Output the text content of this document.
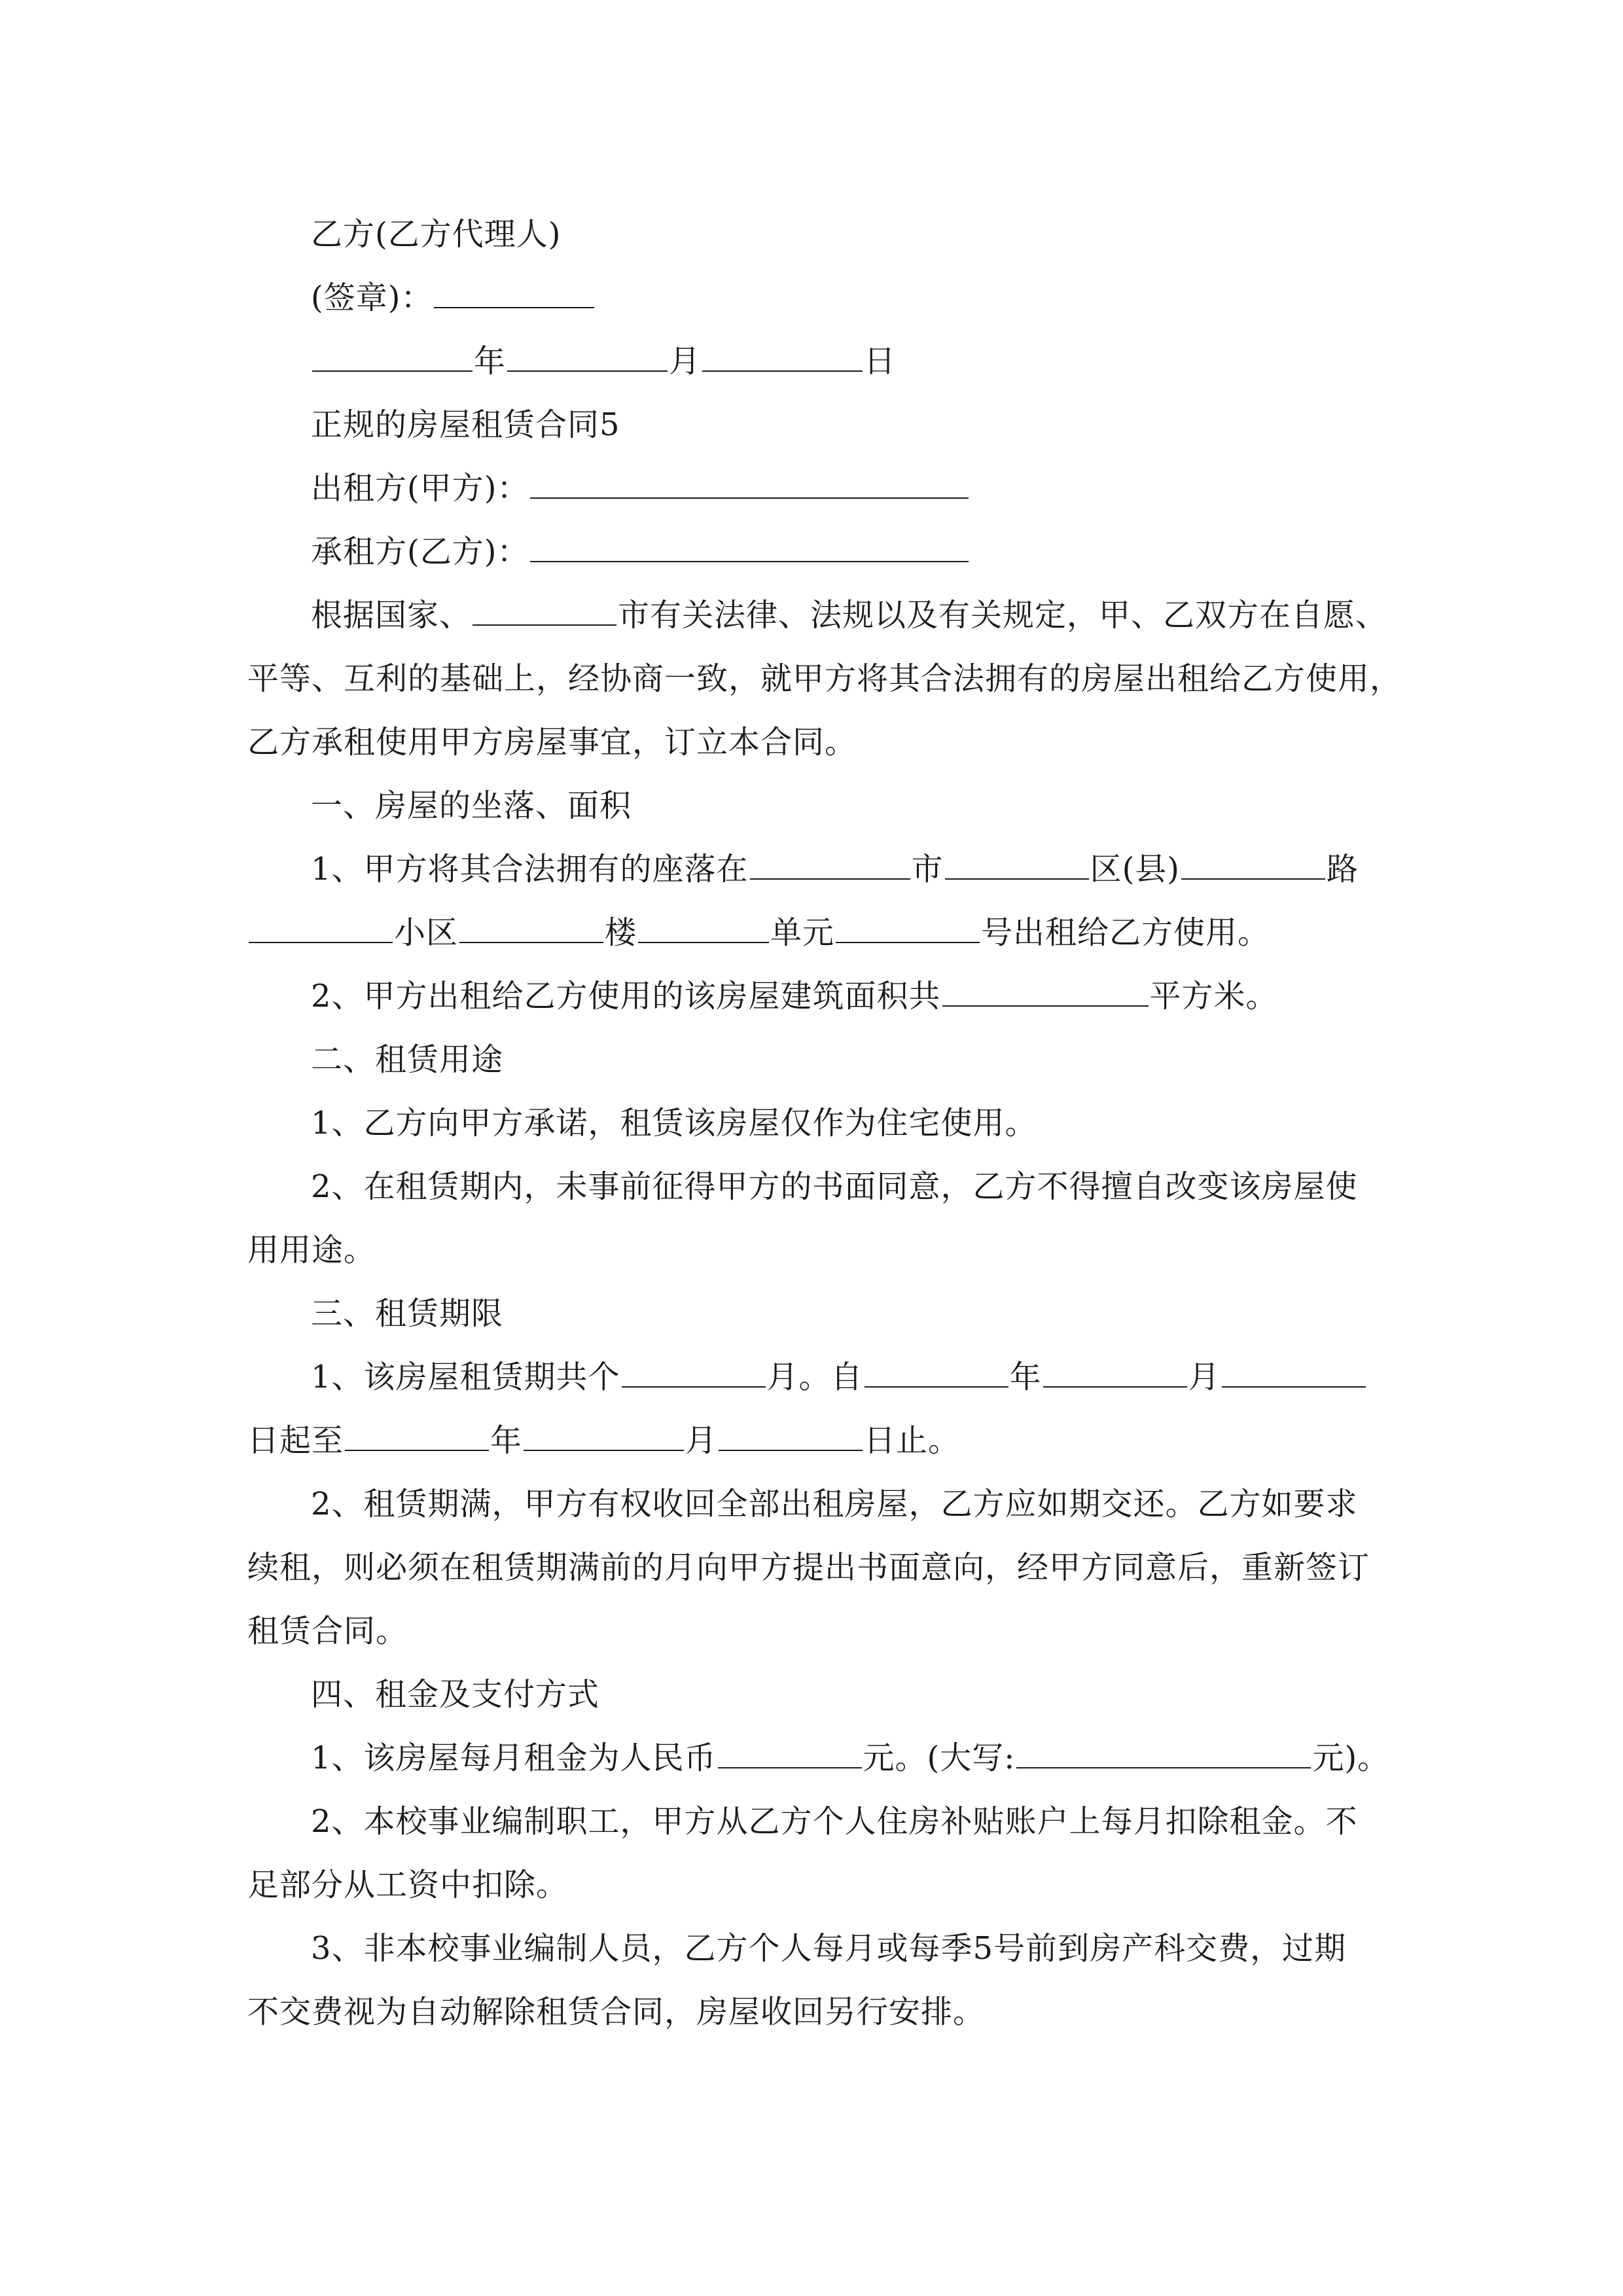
乙方(乙方代理人)
(签章)：
年	月	日
正规的房屋租赁合同5
出租方(甲方)：
承租方(乙方)：
根据国家、	市有关法律、法规以及有关规定，甲、乙双方在自愿、
平等、互利的基础上，经协商一致，就甲方将其合法拥有的房屋出租给乙方使用，
乙方承租使用甲方房屋事宜，订立本合同。
一、房屋的坐落、面积
1、甲方将其合法拥有的座落在	市	区(县)	路
小区	楼	单元	号出租给乙方使用。
2、甲方出租给乙方使用的该房屋建筑面积共	平方米。
二、租赁用途
1、乙方向甲方承诺，租赁该房屋仅作为住宅使用。
2、在租赁期内，未事前征得甲方的书面同意，乙方不得擅自改变该房屋使
用用途。
三、租赁期限
1、该房屋租赁期共个	月。自	年	月
日起至	年	月	日止。
2、租赁期满，甲方有权收回全部出租房屋，乙方应如期交还。乙方如要求
续租，则必须在租赁期满前的月向甲方提出书面意向，经甲方同意后，重新签订
租赁合同。
四、租金及支付方式
1、该房屋每月租金为人民币	元。(大写:	元)。
2、本校事业编制职工，甲方从乙方个人住房补贴账户上每月扣除租金。不
足部分从工资中扣除。
3、非本校事业编制人员，乙方个人每月或每季5号前到房产科交费，过期
不交费视为自动解除租赁合同，房屋收回另行安排。
